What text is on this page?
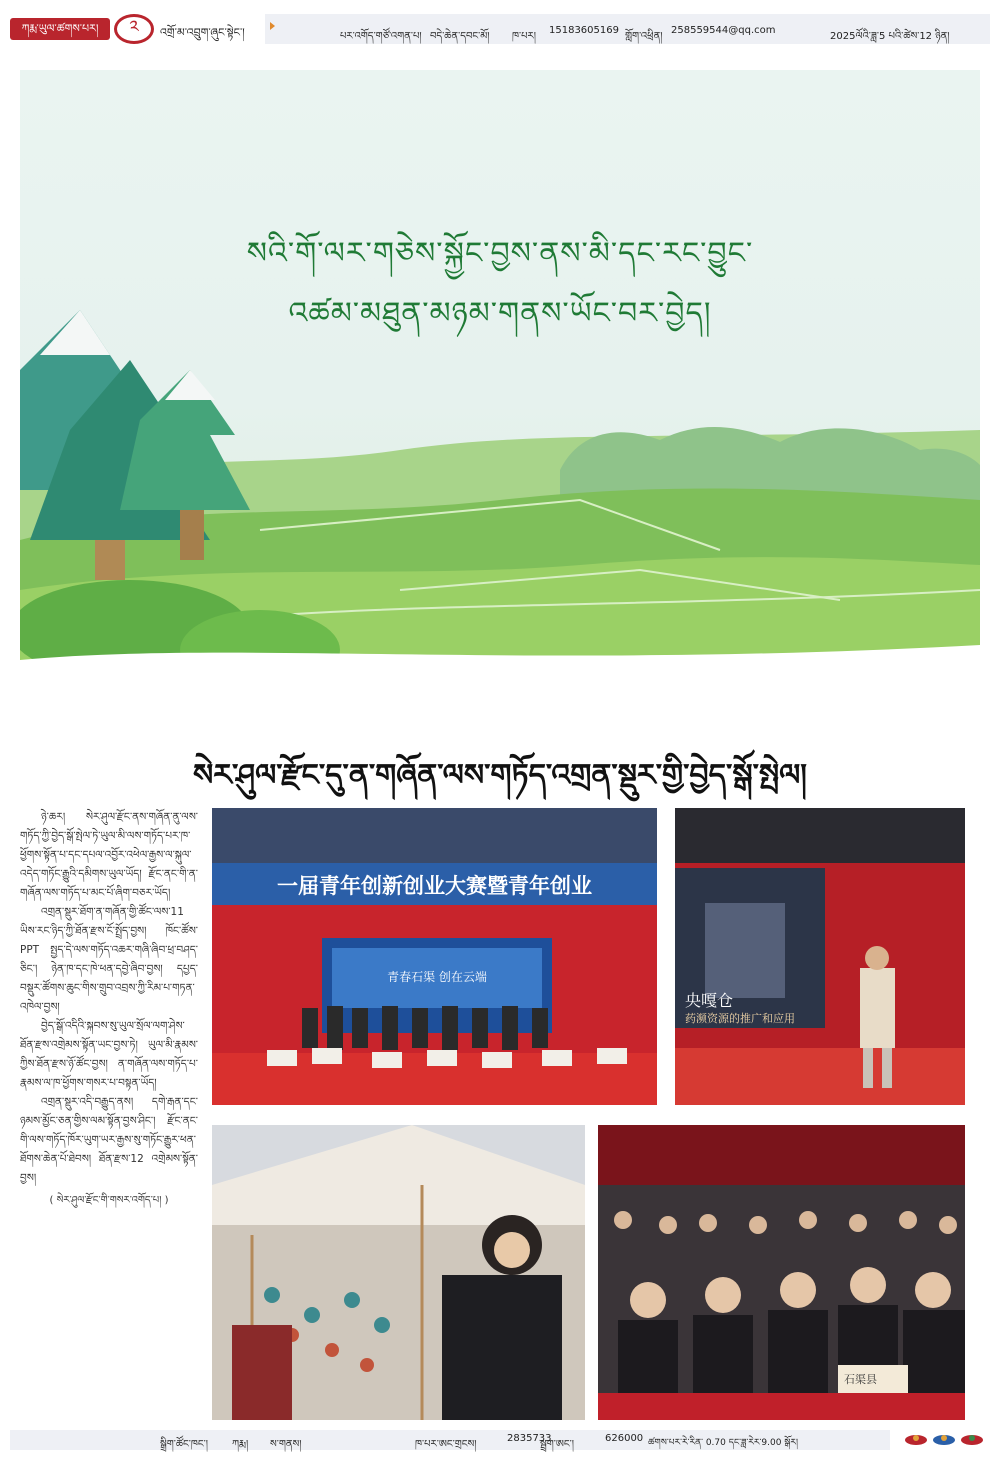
ཀརྨ་ཡུལ་ཚགས་པར།	༢	འགྲོ་མ་འབྲུག་ཞུང་སྟེང་།	པར་འགོད་གཙོ་འགན་པ། བདེ་ཆེན་དབང་མོ། ཁ་པར།
15183605169
གློག་འཕྲིན།
258559544@qq.com
2025ལོའི་ཟླ་5 པའི་ཚེས་12 ཉིན།
སའི་གོ་ལར་གཅེས་སྐྱོང་བྱས་ནས་མི་དང་རང་བྱུང་
འཚམ་མཐུན་མཉམ་གནས་ཡོང་བར་བྱེད།
སེར་ཤུལ་རྫོང་དུ་ན་གཞོན་ལས་གཏོད་འགྲན་སྡུར་གྱི་བྱེད་སྒོ་སྤེལ།

ཉེ་ཆར། སེར་ཤུལ་རྫོང་ནས་གཞོན་ནུ་ལས་གཏོད་ཀྱི་བྱེད་སྒོ་སྤེལ་ཏེ་ཡུལ་མི་ལས་གཏོད་པར་ཁ་ཕྱོགས་སྟོན་པ་དང་དཔལ་འབྱོར་འཕེལ་རྒྱས་ལ་སྐུལ་འདེད་གཏོང་རྒྱུའི་དམིགས་ཡུལ་ཡོད། རྫོང་ནང་གི་ན་གཞོན་ལས་གཏོད་པ་མང་པོ་ཞིག་བཅར་ཡོད།

འགྲན་སྡུར་ཐོག་ན་གཞོན་གྱི་ཚོང་ལས་11 ཡིས་རང་ཉིད་ཀྱི་ཐོན་རྫས་ངོ་སྤྲོད་བྱས། ཁོང་ཚོས་PPT སྤྱད་དེ་ལས་གཏོད་འཆར་གཞི་ཞིབ་ཕྲ་བཤད་ཅིང་། ཉེན་ཁ་དང་ཁེ་ཕན་དབྱེ་ཞིབ་བྱས། དཔྱད་བསྡུར་ཚོགས་ཆུང་གིས་གྲུབ་འབྲས་ཀྱི་རིམ་པ་གཏན་འཁེལ་བྱས།

བྱེད་སྒོ་འདིའི་སྐབས་སུ་ཡུལ་སྲོལ་ལག་ཤེས་ཐོན་རྫས་འགྲེམས་སྟོན་ཡང་བྱས་ཏེ། ཡུལ་མི་རྣམས་ཀྱིས་ཐོན་རྫས་ཉོ་ཚོང་བྱས། ན་གཞོན་ལས་གཏོད་པ་རྣམས་ལ་ཁ་ཕྱོགས་གསར་པ་བསྟན་ཡོད།

འགྲན་སྡུར་འདི་བརྒྱུད་ནས། དགེ་རྒན་དང་ཉམས་མྱོང་ཅན་གྱིས་ལམ་སྟོན་བྱས་ཤིང་། རྫོང་ནང་གི་ལས་གཏོད་ཁོར་ཡུག་ཡར་རྒྱས་སུ་གཏོང་རྒྱུར་ཕན་ཐོགས་ཆེན་པོ་ཐེབས། ཐོན་རྫས་12 འགྲེམས་སྟོན་བྱས།

( སེར་ཤུལ་རྫོང་གི་གསར་འགོད་པ། )
一届青年创新创业大赛暨青年创业
青春石渠 创在云端
央嘎仓
药濒资源的推广和应用
石渠县
སྒྲིག་ཚོང་ཁང་། ཀརྨ། ས་གནས།	ཁ་པར་ཨང་གྲངས།
2835733
སྦྲག་ཨང་།
626000 ཚགས་པར་རེ་རིན་ 0.70 དང་ཟླ་རེར་9.00 སྒོར།
